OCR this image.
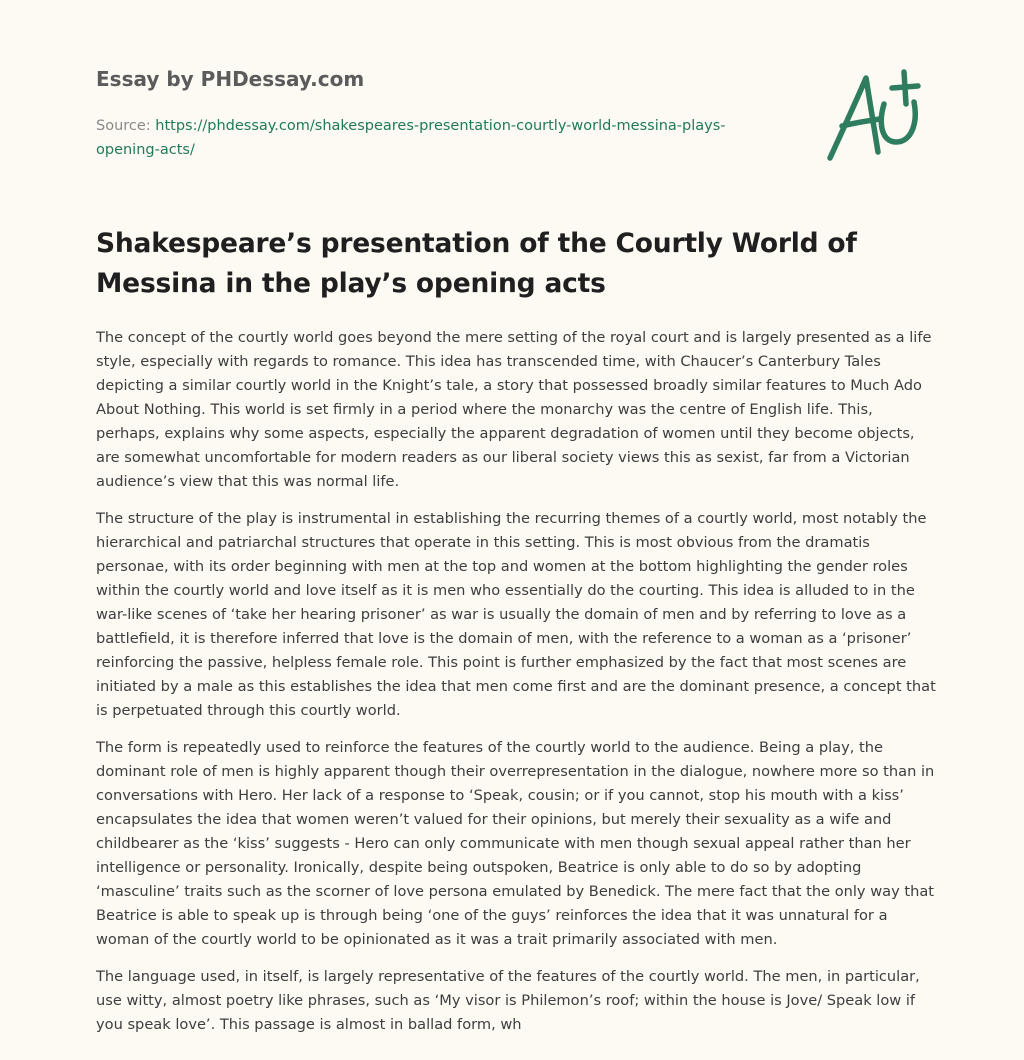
Essay by PHDessay.com
Source: https://phdessay.com/shakespeares-presentation-courtly-world-messina-plays-opening-acts/
Shakespeare’s presentation of the Courtly World of Messina in the play’s opening acts

The concept of the courtly world goes beyond the mere setting of the royal court and is largely presented as a life style, especially with regards to romance. This idea has transcended time, with Chaucer’s Canterbury Tales depicting a similar courtly world in the Knight’s tale, a story that possessed broadly similar features to Much Ado About Nothing. This world is set firmly in a period where the monarchy was the centre of English life. This, perhaps, explains why some aspects, especially the apparent degradation of women until they become objects, are somewhat uncomfortable for modern readers as our liberal society views this as sexist, far from a Victorian audience’s view that this was normal life.

The structure of the play is instrumental in establishing the recurring themes of a courtly world, most notably the hierarchical and patriarchal structures that operate in this setting. This is most obvious from the dramatis personae, with its order beginning with men at the top and women at the bottom highlighting the gender roles within the courtly world and love itself as it is men who essentially do the courting. This idea is alluded to in the war-like scenes of ‘take her hearing prisoner’ as war is usually the domain of men and by referring to love as a battlefield, it is therefore inferred that love is the domain of men, with the reference to a woman as a ‘prisoner’ reinforcing the passive, helpless female role. This point is further emphasized by the fact that most scenes are initiated by a male as this establishes the idea that men come first and are the dominant presence, a concept that is perpetuated through this courtly world.

The form is repeatedly used to reinforce the features of the courtly world to the audience. Being a play, the dominant role of men is highly apparent though their overrepresentation in the dialogue, nowhere more so than in conversations with Hero. Her lack of a response to ‘Speak, cousin; or if you cannot, stop his mouth with a kiss’ encapsulates the idea that women weren’t valued for their opinions, but merely their sexuality as a wife and childbearer as the ‘kiss’ suggests - Hero can only communicate with men though sexual appeal rather than her intelligence or personality. Ironically, despite being outspoken, Beatrice is only able to do so by adopting ‘masculine’ traits such as the scorner of love persona emulated by Benedick. The mere fact that the only way that Beatrice is able to speak up is through being ‘one of the guys’ reinforces the idea that it was unnatural for a woman of the courtly world to be opinionated as it was a trait primarily associated with men.

The language used, in itself, is largely representative of the features of the courtly world. The men, in particular, use witty, almost poetry like phrases, such as ‘My visor is Philemon’s roof; within the house is Jove/ Speak low if you speak love’. This passage is almost in ballad form, wh
